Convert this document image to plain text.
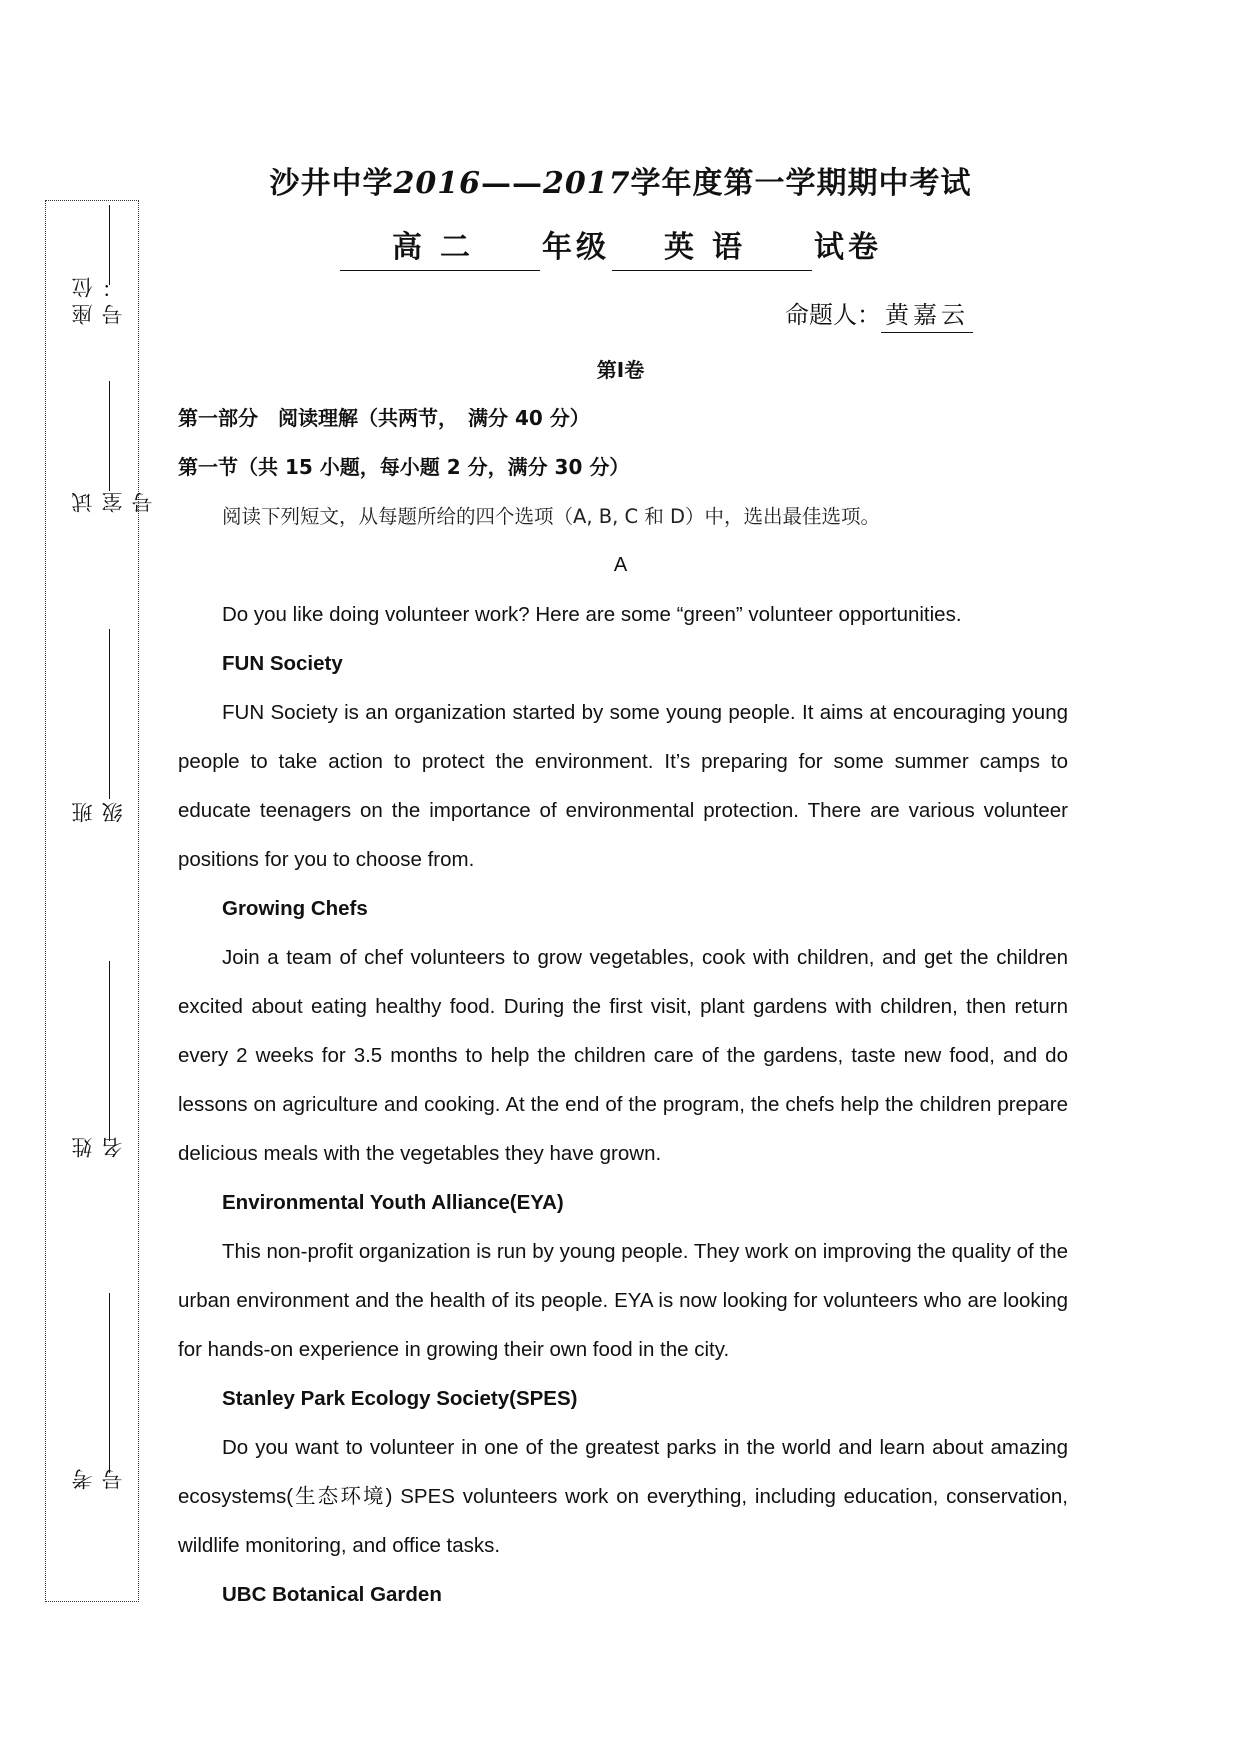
座位号：
试室号
班级
姓名
考号
沙井中学2016——2017学年度第一学期期中考试
高二 年级 英语 试卷
命题人： 黄嘉云
第Ⅰ卷
第一部分　阅读理解（共两节，　满分 40 分）
第一节（共 15 小题，每小题 2 分，满分 30 分）
阅读下列短文，从每题所给的四个选项（A, B, C 和 D）中，选出最佳选项。
A
Do you like doing volunteer work? Here are some “green” volunteer opportunities.
FUN Society
FUN Society is an organization started by some young people. It aims at encouraging young people to take action to protect the environment. It’s preparing for some summer camps to educate teenagers on the importance of environmental protection. There are various volunteer positions for you to choose from.
Growing Chefs
Join a team of chef volunteers to grow vegetables, cook with children, and get the children excited about eating healthy food. During the first visit, plant gardens with children, then return every 2 weeks for 3.5 months to help the children care of the gardens, taste new food, and do lessons on agriculture and cooking. At the end of the program, the chefs help the children prepare delicious meals with the vegetables they have grown.
Environmental Youth Alliance(EYA)
This non-profit organization is run by young people. They work on improving the quality of the urban environment and the health of its people. EYA is now looking for volunteers who are looking for hands-on experience in growing their own food in the city.
Stanley Park Ecology Society(SPES)
Do you want to volunteer in one of the greatest parks in the world and learn about amazing ecosystems(生态环境) SPES volunteers work on everything, including education, conservation, wildlife monitoring, and office tasks.
UBC Botanical Garden
